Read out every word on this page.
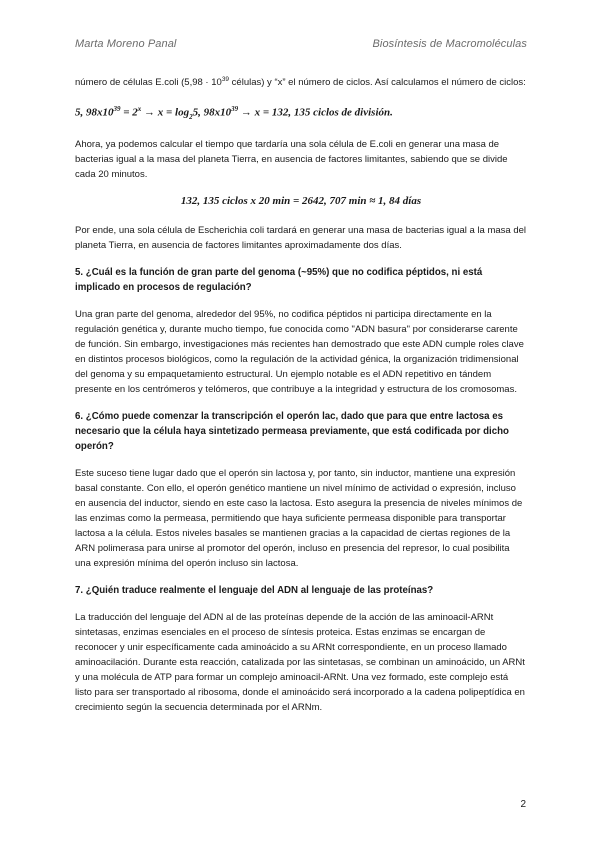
Marta Moreno Panal	Biosíntesis de Macromoléculas

número de células E.coli ($5,98 \cdot 10^{39}$ células) y “x” el número de ciclos. Así calculamos el número de ciclos:

5, $98x10^{39} = 2^x \to x = \log_25$, $98x10^{39} \to x = 132$, 135 ciclos de división.

Ahora, ya podemos calcular el tiempo que tardaría una sola célula de E.coli en generar una masa de bacterias igual a la masa del planeta Tierra, en ausencia de factores limitantes, sabiendo que se divide cada 20 minutos.

132, 135 ciclos x 20 min = 2642, 707 min ≈ 1, 84 días

Por ende, una sola célula de Escherichia coli tardará en generar una masa de bacterias igual a la masa del planeta Tierra, en ausencia de factores limitantes aproximadamente dos días.

5. ¿Cuál es la función de gran parte del genoma (~95%) que no codifica péptidos, ni está implicado en procesos de regulación?

Una gran parte del genoma, alrededor del 95%, no codifica péptidos ni participa directamente en la regulación genética y, durante mucho tiempo, fue conocida como "ADN basura" por considerarse carente de función. Sin embargo, investigaciones más recientes han demostrado que este ADN cumple roles clave en distintos procesos biológicos, como la regulación de la actividad génica, la organización tridimensional del genoma y su empaquetamiento estructural. Un ejemplo notable es el ADN repetitivo en tándem presente en los centrómeros y telómeros, que contribuye a la integridad y estructura de los cromosomas.

6. ¿Cómo puede comenzar la transcripción el operón lac, dado que para que entre lactosa es necesario que la célula haya sintetizado permeasa previamente, que está codificada por dicho operón?

Este suceso tiene lugar dado que el operón sin lactosa y, por tanto, sin inductor, mantiene una expresión basal constante. Con ello, el operón genético mantiene un nivel mínimo de actividad o expresión, incluso en ausencia del inductor, siendo en este caso la lactosa. Esto asegura la presencia de niveles mínimos de las enzimas como la permeasa, permitiendo que haya suficiente permeasa disponible para transportar lactosa a la célula. Estos niveles basales se mantienen gracias a la capacidad de ciertas regiones de la ARN polimerasa para unirse al promotor del operón, incluso en presencia del represor, lo cual posibilita una expresión mínima del operón incluso sin lactosa.

7. ¿Quién traduce realmente el lenguaje del ADN al lenguaje de las proteínas?

La traducción del lenguaje del ADN al de las proteínas depende de la acción de las aminoacil-ARNt sintetasas, enzimas esenciales en el proceso de síntesis proteica. Estas enzimas se encargan de reconocer y unir específicamente cada aminoácido a su ARNt correspondiente, en un proceso llamado aminoacilación. Durante esta reacción, catalizada por las sintetasas, se combinan un aminoácido, un ARNt y una molécula de ATP para formar un complejo aminoacil-ARNt. Una vez formado, este complejo está listo para ser transportado al ribosoma, donde el aminoácido será incorporado a la cadena polipeptídica en crecimiento según la secuencia determinada por el ARNm.

2
